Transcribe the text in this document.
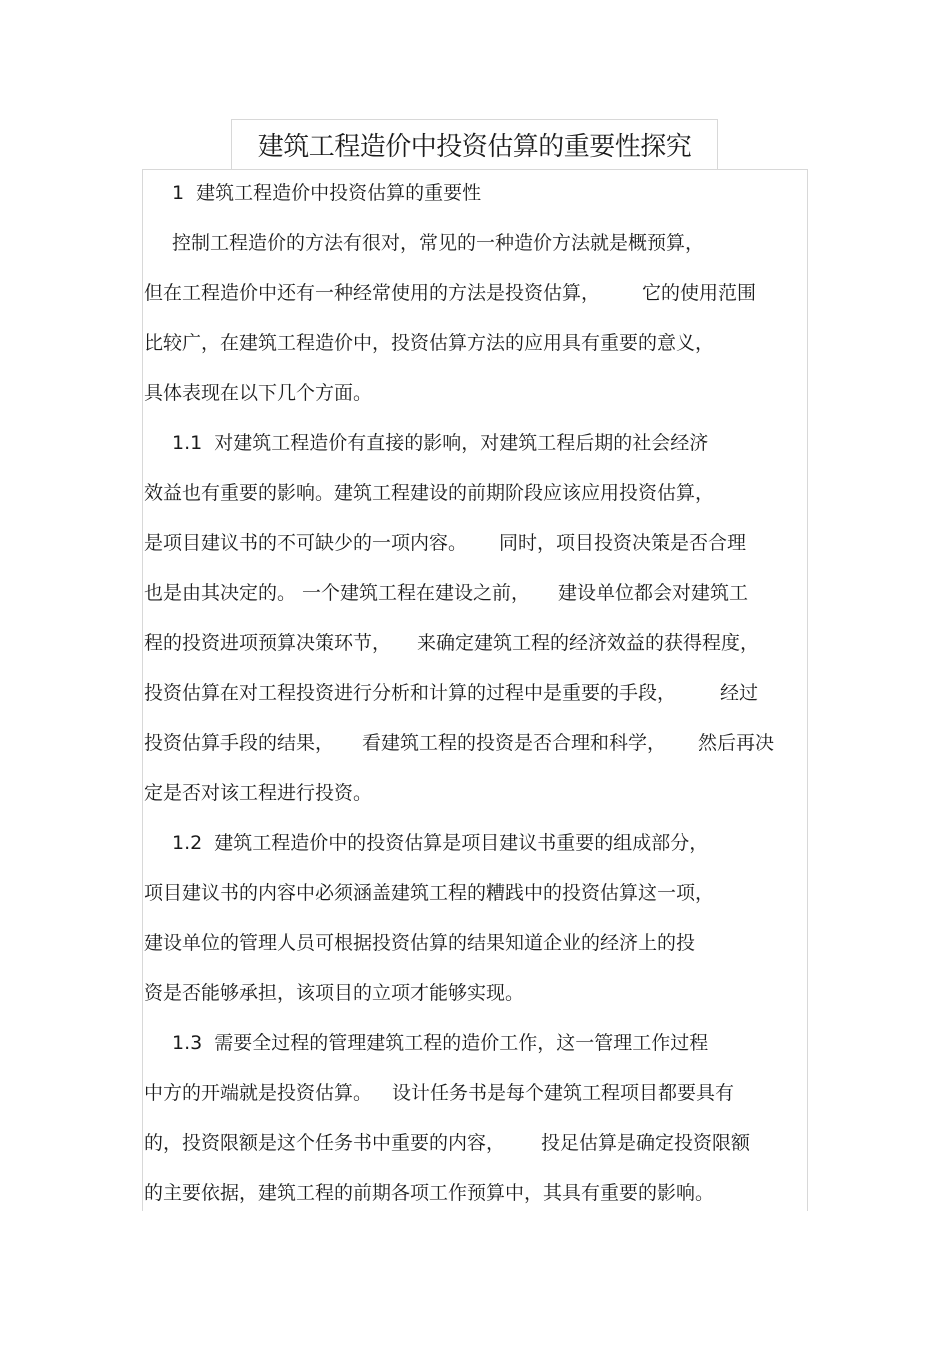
建筑工程造价中投资估算的重要性探究
1  建筑工程造价中投资估算的重要性
控制工程造价的方法有很对，常见的一种造价方法就是概预算，
但在工程造价中还有一种经常使用的方法是投资估算， 它的使用范围
比较广，在建筑工程造价中，投资估算方法的应用具有重要的意义，
具体表现在以下几个方面。
1.1  对建筑工程造价有直接的影响，对建筑工程后期的社会经济
效益也有重要的影响。建筑工程建设的前期阶段应该应用投资估算，
是项目建议书的不可缺少的一项内容。 同时，项目投资决策是否合理
也是由其决定的。 一个建筑工程在建设之前， 建设单位都会对建筑工
程的投资进项预算决策环节， 来确定建筑工程的经济效益的获得程度，
投资估算在对工程投资进行分析和计算的过程中是重要的手段， 经过
投资估算手段的结果， 看建筑工程的投资是否合理和科学， 然后再决
定是否对该工程进行投资。
1.2  建筑工程造价中的投资估算是项目建议书重要的组成部分，
项目建议书的内容中必须涵盖建筑工程的糟践中的投资估算这一项，
建设单位的管理人员可根据投资估算的结果知道企业的经济上的投
资是否能够承担，该项目的立项才能够实现。
1.3  需要全过程的管理建筑工程的造价工作，这一管理工作过程
中方的开端就是投资估算。 设计任务书是每个建筑工程项目都要具有
的，投资限额是这个任务书中重要的内容， 投足估算是确定投资限额
的主要依据，建筑工程的前期各项工作预算中，其具有重要的影响。
